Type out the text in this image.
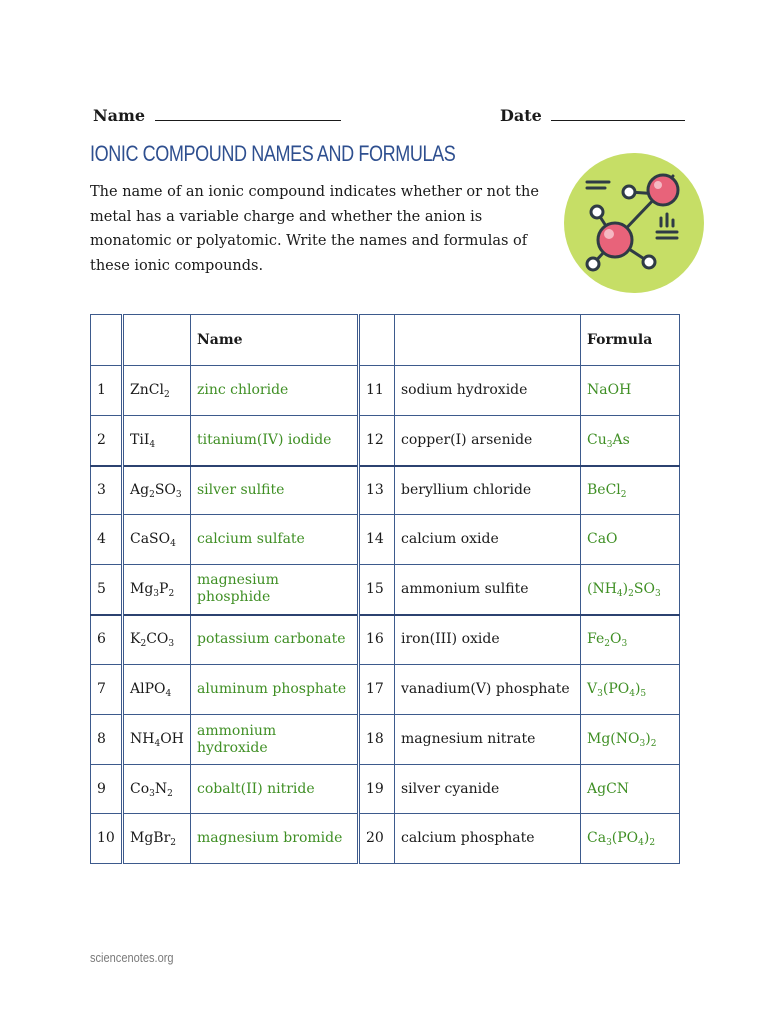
Name	Date
IONIC COMPOUND NAMES AND FORMULAS

The name of an ionic compound indicates whether or not the metal has a variable charge and whether the anion is monatomic or polyatomic. Write the names and formulas of these ionic compounds.

		Name			Formula
1	ZnCl$_2$	zinc chloride	11	sodium hydroxide	NaOH
2	TiI$_4$	titanium(IV) iodide	12	copper(I) arsenide	$Cu_3As$
3	$Ag_2SO_3$	silver sulfite	13	beryllium chloride	BeCl$_2$
4	CaSO$_4$	calcium sulfate	14	calcium oxide	CaO
5	$Mg_3P_2$	magnesium phosphide	15	ammonium sulfite	$(NH_4)_2SO_3$
6	$K_2CO_3$	potassium carbonate	16	iron(III) oxide	$Fe_2O_3$
7	AlPO$_4$	aluminum phosphate	17	vanadium(V) phosphate	$V_3(PO_4)_5$
8	$NH_4OH$	ammonium hydroxide	18	magnesium nitrate	$Mg(NO_3)_2$
9	$Co_3N_2$	cobalt(II) nitride	19	silver cyanide	AgCN
10	MgBr$_2$	magnesium bromide	20	calcium phosphate	$Ca_3(PO_4)_2$

sciencenotes.org
